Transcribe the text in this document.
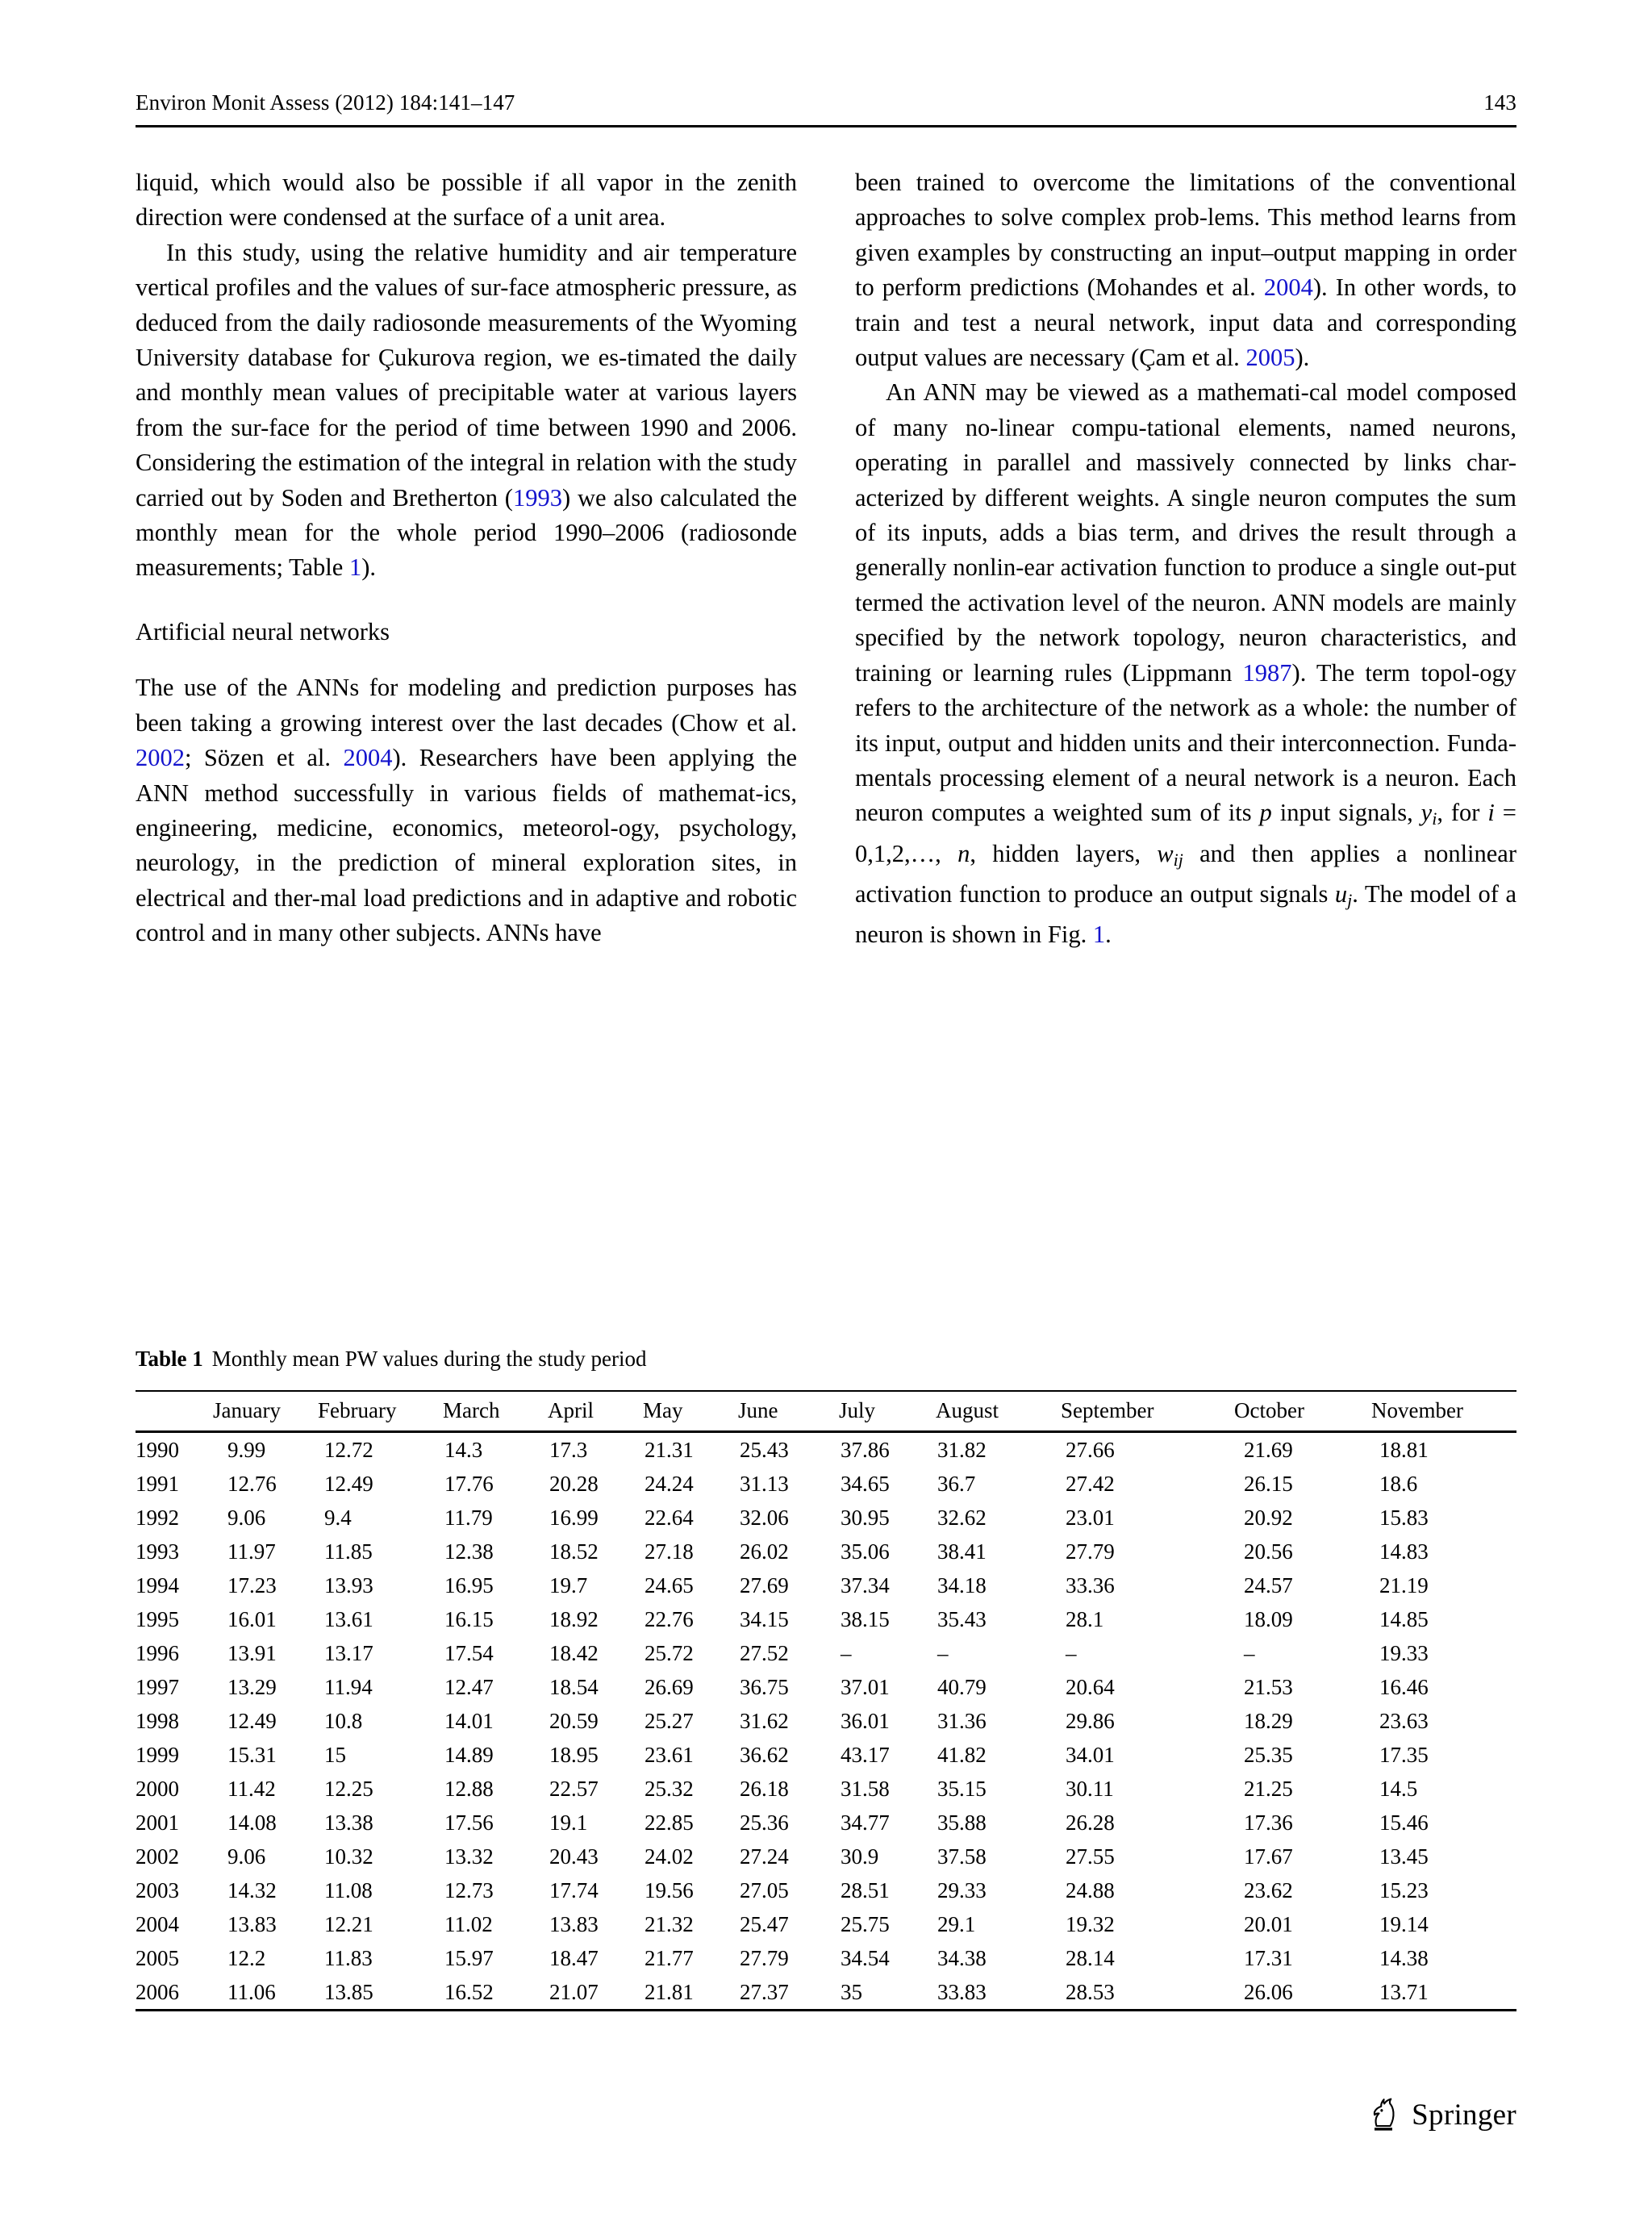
Environ Monit Assess (2012) 184:141–147	143

liquid, which would also be possible if all vapor in the zenith direction were condensed at the surface of a unit area.

In this study, using the relative humidity and air temperature vertical profiles and the values of sur-face atmospheric pressure, as deduced from the daily radiosonde measurements of the Wyoming University database for Çukurova region, we es-timated the daily and monthly mean values of precipitable water at various layers from the sur-face for the period of time between 1990 and 2006. Considering the estimation of the integral in relation with the study carried out by Soden and Bretherton (1993) we also calculated the monthly mean for the whole period 1990–2006 (radiosonde measurements; Table 1).

Artificial neural networks

The use of the ANNs for modeling and prediction purposes has been taking a growing interest over the last decades (Chow et al. 2002; Sözen et al. 2004). Researchers have been applying the ANN method successfully in various fields of mathemat-ics, engineering, medicine, economics, meteorol-ogy, psychology, neurology, in the prediction of mineral exploration sites, in electrical and ther-mal load predictions and in adaptive and robotic control and in many other subjects. ANNs have

been trained to overcome the limitations of the conventional approaches to solve complex prob-lems. This method learns from given examples by constructing an input–output mapping in order to perform predictions (Mohandes et al. 2004). In other words, to train and test a neural network, input data and corresponding output values are necessary (Çam et al. 2005).

An ANN may be viewed as a mathemati-cal model composed of many no-linear compu-tational elements, named neurons, operating in parallel and massively connected by links char-acterized by different weights. A single neuron computes the sum of its inputs, adds a bias term, and drives the result through a generally nonlin-ear activation function to produce a single out-put termed the activation level of the neuron. ANN models are mainly specified by the network topology, neuron characteristics, and training or learning rules (Lippmann 1987). The term topol-ogy refers to the architecture of the network as a whole: the number of its input, output and hidden units and their interconnection. Funda-mentals processing element of a neural network is a neuron. Each neuron computes a weighted sum of its p input signals, $y_i$, for i = 0,1,2,…, n, hidden layers, $w_{ij}$ and then applies a nonlinear activation function to produce an output signals $u_j$. The model of a neuron is shown in Fig. 1.

Table 1 Monthly mean PW values during the study period
	January	February	March	April	May	June	July	August	September	October	November
1990	9.99	12.72	14.3	17.3	21.31	25.43	37.86	31.82	27.66	21.69	18.81
1991	12.76	12.49	17.76	20.28	24.24	31.13	34.65	36.7	27.42	26.15	18.6
1992	9.06	9.4	11.79	16.99	22.64	32.06	30.95	32.62	23.01	20.92	15.83
1993	11.97	11.85	12.38	18.52	27.18	26.02	35.06	38.41	27.79	20.56	14.83
1994	17.23	13.93	16.95	19.7	24.65	27.69	37.34	34.18	33.36	24.57	21.19
1995	16.01	13.61	16.15	18.92	22.76	34.15	38.15	35.43	28.1	18.09	14.85
1996	13.91	13.17	17.54	18.42	25.72	27.52	–	–	–	–	19.33
1997	13.29	11.94	12.47	18.54	26.69	36.75	37.01	40.79	20.64	21.53	16.46
1998	12.49	10.8	14.01	20.59	25.27	31.62	36.01	31.36	29.86	18.29	23.63
1999	15.31	15	14.89	18.95	23.61	36.62	43.17	41.82	34.01	25.35	17.35
2000	11.42	12.25	12.88	22.57	25.32	26.18	31.58	35.15	30.11	21.25	14.5
2001	14.08	13.38	17.56	19.1	22.85	25.36	34.77	35.88	26.28	17.36	15.46
2002	9.06	10.32	13.32	20.43	24.02	27.24	30.9	37.58	27.55	17.67	13.45
2003	14.32	11.08	12.73	17.74	19.56	27.05	28.51	29.33	24.88	23.62	15.23
2004	13.83	12.21	11.02	13.83	21.32	25.47	25.75	29.1	19.32	20.01	19.14
2005	12.2	11.83	15.97	18.47	21.77	27.79	34.54	34.38	28.14	17.31	14.38
2006	11.06	13.85	16.52	21.07	21.81	27.37	35	33.83	28.53	26.06	13.71
Springer
